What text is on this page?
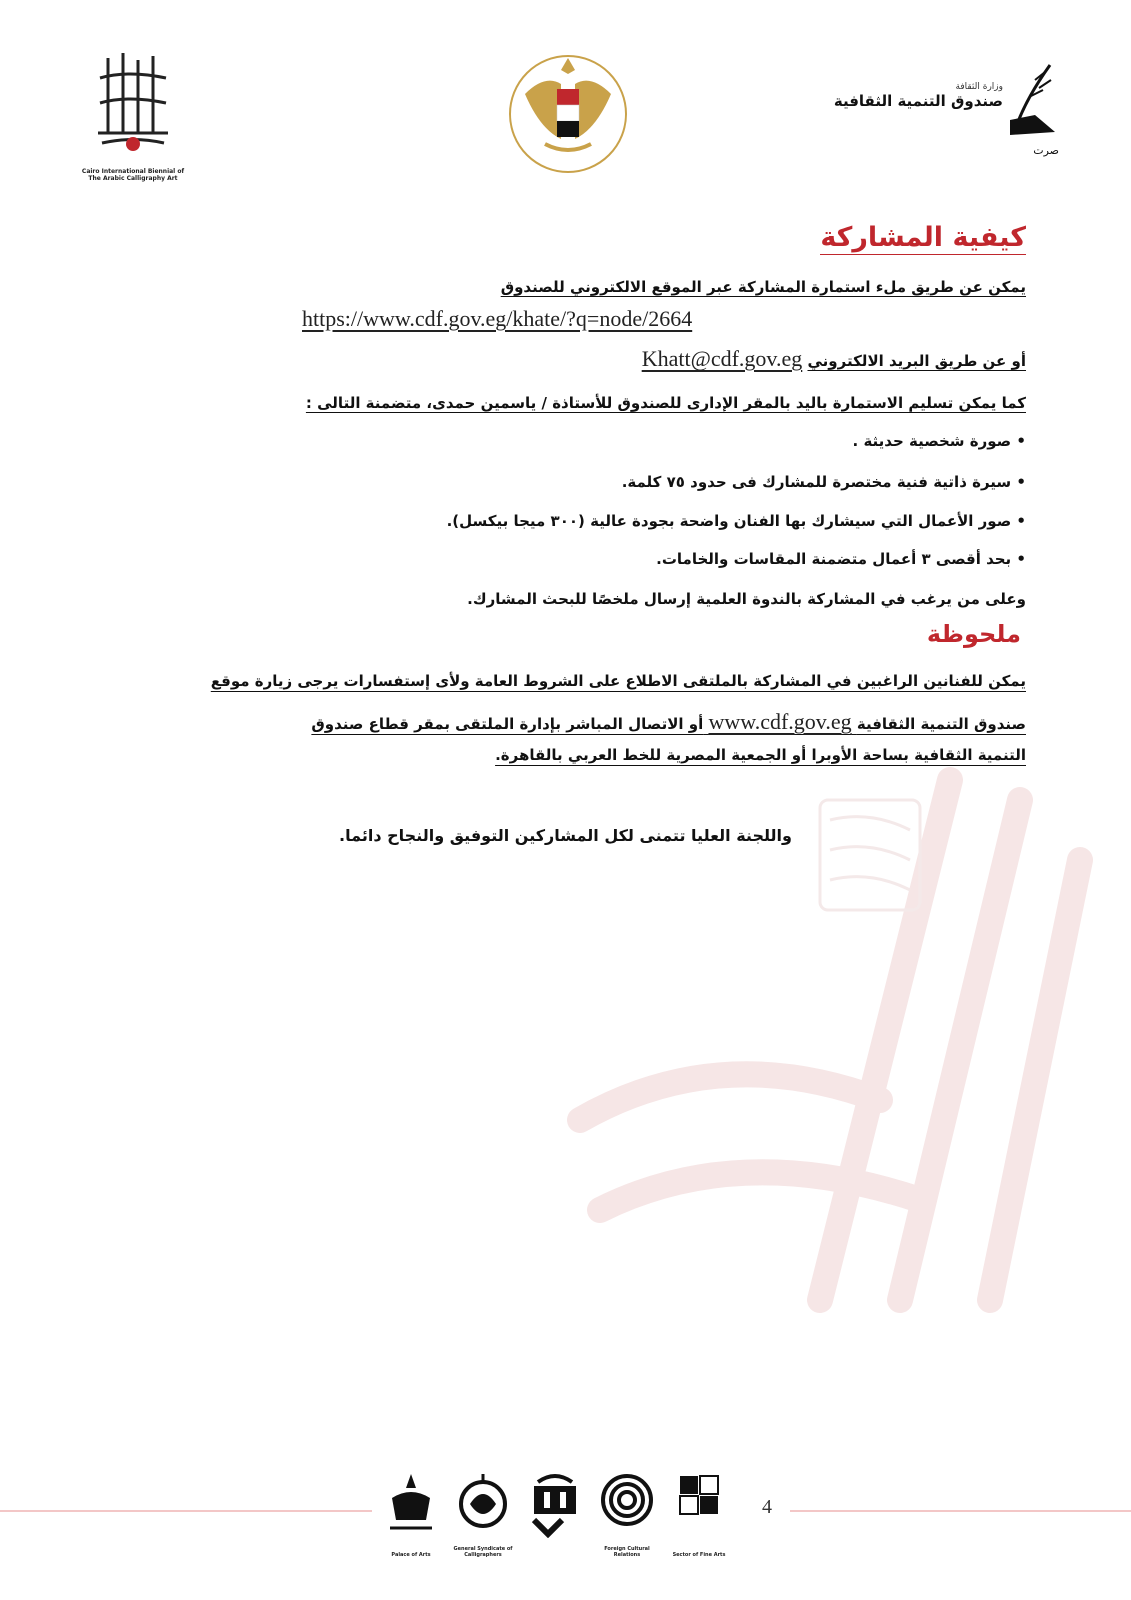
Cairo International Biennial of The Arabic Calligraphy Art
وزارة الثقافة
صندوق التنمية الثقافية
صرت
كيفية المشاركة
يمكن عن طريق ملء استمارة المشاركة عبر الموقع الالكتروني للصندوق
https://www.cdf.gov.eg/khate/?q=node/2664
أو عن طريق البريد الالكتروني Khatt@cdf.gov.eg
كما يمكن تسليم الاستمارة باليد بالمقر الإدارى للصندوق للأستاذة / ياسمين حمدى، متضمنة التالى :
• صورة شخصية حديثة .
• سيرة ذاتية فنية مختصرة للمشارك فى حدود ٧٥ كلمة.
• صور الأعمال التي سيشارك بها الفنان واضحة بجودة عالية (٣٠٠ ميجا بيكسل).
• بحد أقصى ٣ أعمال متضمنة المقاسات والخامات.
وعلى من يرغب في المشاركة بالندوة العلمية إرسال ملخصًا للبحث المشارك.
ملحوظة
يمكن للفنانين الراغبين في المشاركة بالملتقى الاطلاع على الشروط العامة ولأى إستفسارات يرجى زيارة موقع
صندوق التنمية الثقافية www.cdf.gov.eg أو الاتصال المباشر بإدارة الملتقى بمقر قطاع صندوق
التنمية الثقافية بساحة الأوبرا أو الجمعية المصرية للخط العربي بالقاهرة.
واللجنة العليا تتمنى لكل المشاركين التوفيق والنجاح دائما.
Palace of Arts
General Syndicate of Calligraphers
Foreign Cultural Relations	Sector of Fine Arts
4
